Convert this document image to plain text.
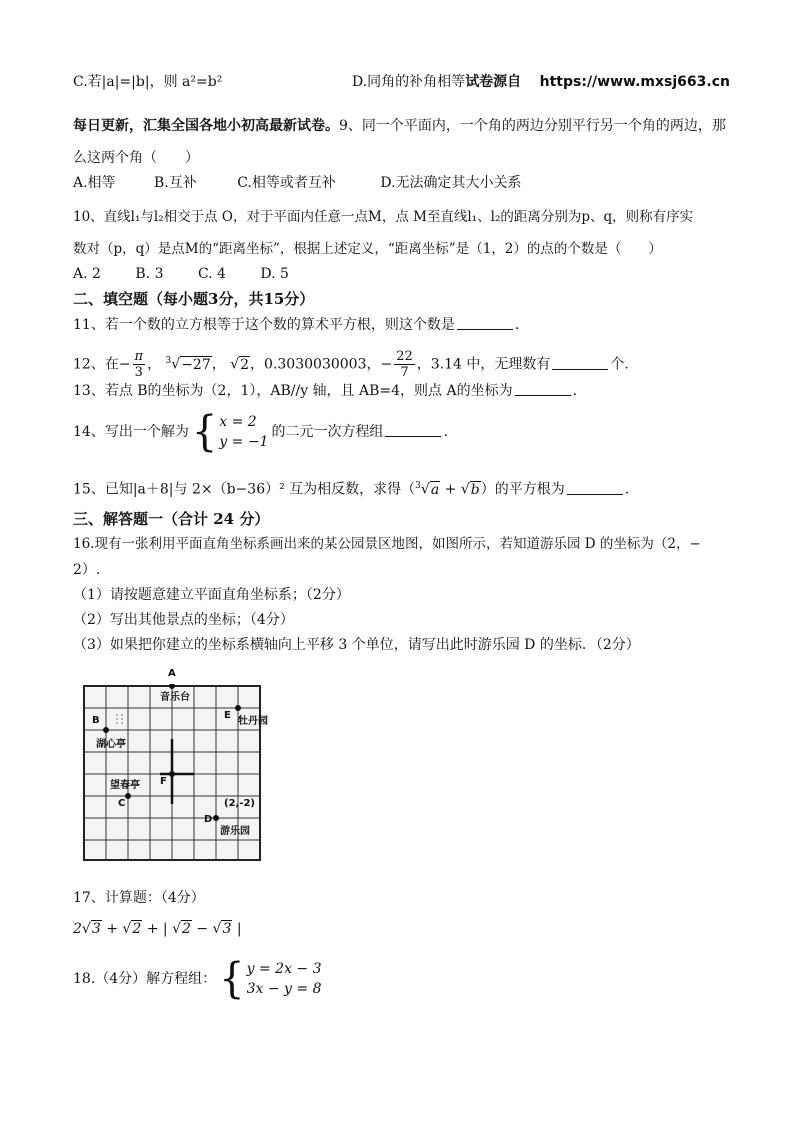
C.若|a|=|b|，则 a²=b²	D.同角的补角相等试卷源自 https://www.mxsj663.cn
每日更新，汇集全国各地小初高最新试卷。9、同一个平面内，一个角的两边分别平行另一个角的两边，那
么这两个角（　　）
A.相等	B.互补	C.相等或者互补	D.无法确定其大小关系
10、直线l₁与l₂相交于点 O，对于平面内任意一点M，点 M至直线l₁、l₂的距离分别为p、q，则称有序实
数对（p，q）是点M的“距离坐标”，根据上述定义，“距离坐标”是（1，2）的点的个数是（　　）
A. 2 B. 3 C. 4 D. 5
二、填空题（每小题3分，共15分）
11、若一个数的立方根等于这个数的算术平方根，则这个数是	.
12、在− $\frac{\pi}{3}$ ， $^3$√−27， √2，0.3030030003，− $\frac{22}{7}$ ，3.14 中，无理数有	个.
13、若点 B的坐标为（2，1），AB//y 轴，且 AB=4，则点 A的坐标为	.
14、写出一个解为 { x = 2
y = −1
的二元一次方程组	.
15、已知|a＋8|与 2×（b−36）² 互为相反数，求得（$^3$√a + √b）的平方根为	.
三、解答题一（合计 24 分）
16.现有一张利用平面直角坐标系画出来的某公园景区地图，如图所示，若知道游乐园 D 的坐标为（2，−
2）.
（1）请按题意建立平面直角坐标系；（2分）
（2）写出其他景点的坐标；（4分）
（3）如果把你建立的坐标系横轴向上平移 3 个单位，请写出此时游乐园 D 的坐标．（2分）
A
音乐台
B
湖心亭
E
牡丹园
F
望春亭
C
D
(2,-2)
游乐园
17、计算题：（4分）
2√3 + √2 + | √2 − √3 |
18.（4分）解方程组： { y = 2x − 3
3x − y = 8
